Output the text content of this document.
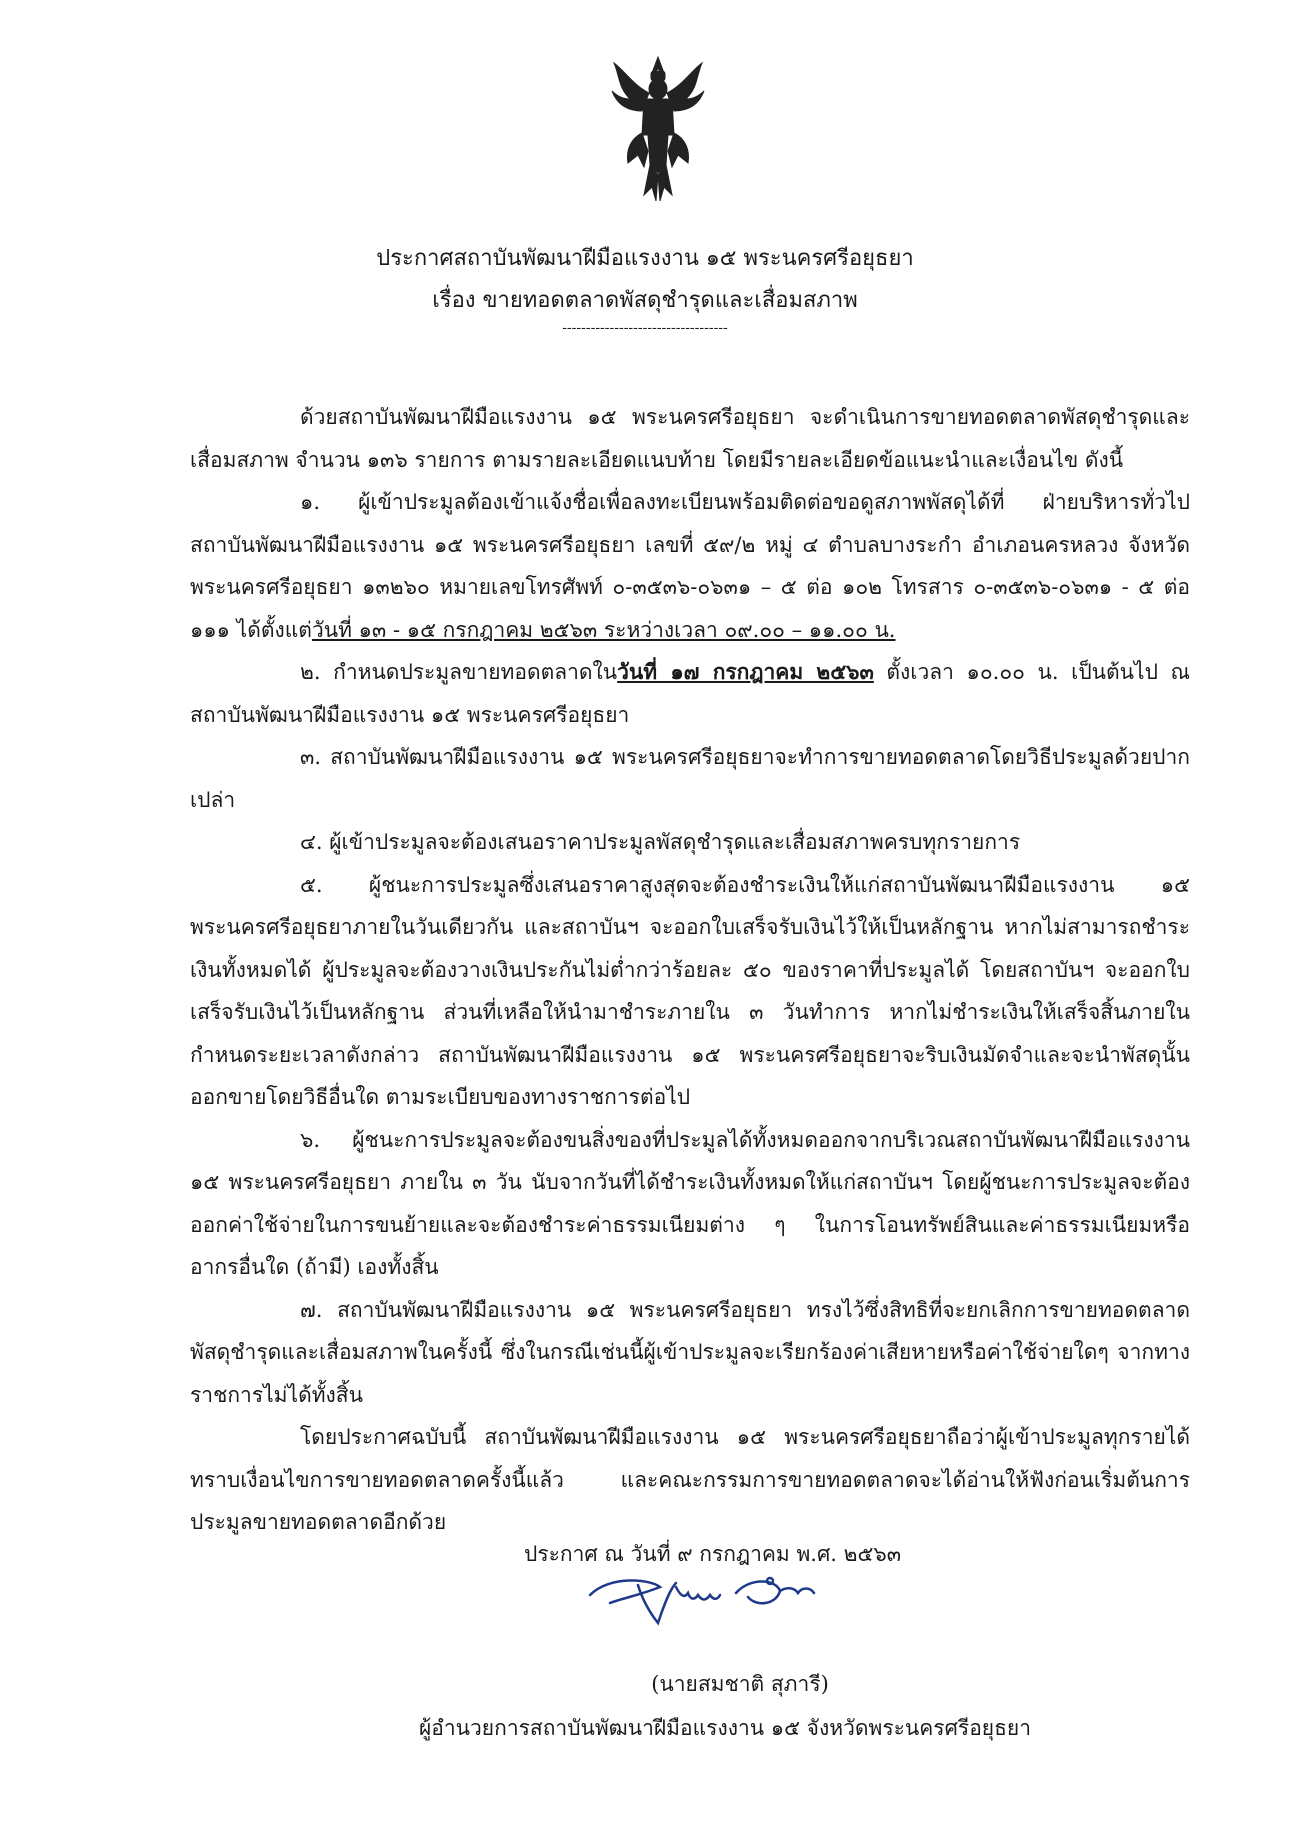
ประกาศสถาบันพัฒนาฝีมือแรงงาน ๑๕ พระนครศรีอยุธยา
เรื่อง ขายทอดตลาดพัสดุชำรุดและเสื่อมสภาพ
-----------------------------------

ด้วยสถาบันพัฒนาฝีมือแรงงาน ๑๕ พระนครศรีอยุธยา จะดำเนินการขายทอดตลาดพัสดุชำรุดและเสื่อมสภาพ จำนวน ๑๓๖ รายการ ตามรายละเอียดแนบท้าย โดยมีรายละเอียดข้อแนะนำและเงื่อนไข ดังนี้

๑. ผู้เข้าประมูลต้องเข้าแจ้งชื่อเพื่อลงทะเบียนพร้อมติดต่อขอดูสภาพพัสดุได้ที่ ฝ่ายบริหารทั่วไป สถาบันพัฒนาฝีมือแรงงาน ๑๕ พระนครศรีอยุธยา เลขที่ ๕๙/๒ หมู่ ๔ ตำบลบางระกำ อำเภอนครหลวง จังหวัดพระนครศรีอยุธยา ๑๓๒๖๐ หมายเลขโทรศัพท์ ๐-๓๕๓๖-๐๖๓๑ – ๕ ต่อ ๑๐๒ โทรสาร ๐-๓๕๓๖-๐๖๓๑ - ๕ ต่อ ๑๑๑ ได้ตั้งแต่วันที่ ๑๓ - ๑๕ กรกฎาคม ๒๕๖๓ ระหว่างเวลา ๐๙.๐๐ – ๑๑.๐๐ น.

๒. กำหนดประมูลขายทอดตลาดในวันที่ ๑๗ กรกฎาคม ๒๕๖๓ ตั้งเวลา ๑๐.๐๐ น. เป็นต้นไป ณ สถาบันพัฒนาฝีมือแรงงาน ๑๕ พระนครศรีอยุธยา

๓. สถาบันพัฒนาฝีมือแรงงาน ๑๕ พระนครศรีอยุธยาจะทำการขายทอดตลาดโดยวิธีประมูลด้วยปากเปล่า

๔. ผู้เข้าประมูลจะต้องเสนอราคาประมูลพัสดุชำรุดและเสื่อมสภาพครบทุกรายการ

๕. ผู้ชนะการประมูลซึ่งเสนอราคาสูงสุดจะต้องชำระเงินให้แก่สถาบันพัฒนาฝีมือแรงงาน ๑๕ พระนครศรีอยุธยาภายในวันเดียวกัน และสถาบันฯ จะออกใบเสร็จรับเงินไว้ให้เป็นหลักฐาน หากไม่สามารถชำระเงินทั้งหมดได้ ผู้ประมูลจะต้องวางเงินประกันไม่ต่ำกว่าร้อยละ ๕๐ ของราคาที่ประมูลได้ โดยสถาบันฯ จะออกใบเสร็จรับเงินไว้เป็นหลักฐาน ส่วนที่เหลือให้นำมาชำระภายใน ๓ วันทำการ หากไม่ชำระเงินให้เสร็จสิ้นภายในกำหนดระยะเวลาดังกล่าว สถาบันพัฒนาฝีมือแรงงาน ๑๕ พระนครศรีอยุธยาจะริบเงินมัดจำและจะนำพัสดุนั้นออกขายโดยวิธีอื่นใด ตามระเบียบของทางราชการต่อไป

๖. ผู้ชนะการประมูลจะต้องขนสิ่งของที่ประมูลได้ทั้งหมดออกจากบริเวณสถาบันพัฒนาฝีมือแรงงาน ๑๕ พระนครศรีอยุธยา ภายใน ๓ วัน นับจากวันที่ได้ชำระเงินทั้งหมดให้แก่สถาบันฯ โดยผู้ชนะการประมูลจะต้องออกค่าใช้จ่ายในการขนย้ายและจะต้องชำระค่าธรรมเนียมต่าง ๆ ในการโอนทรัพย์สินและค่าธรรมเนียมหรืออากรอื่นใด (ถ้ามี) เองทั้งสิ้น

๗. สถาบันพัฒนาฝีมือแรงงาน ๑๕ พระนครศรีอยุธยา ทรงไว้ซึ่งสิทธิที่จะยกเลิกการขายทอดตลาดพัสดุชำรุดและเสื่อมสภาพในครั้งนี้ ซึ่งในกรณีเช่นนี้ผู้เข้าประมูลจะเรียกร้องค่าเสียหายหรือค่าใช้จ่ายใดๆ จากทางราชการไม่ได้ทั้งสิ้น

โดยประกาศฉบับนี้ สถาบันพัฒนาฝีมือแรงงาน ๑๕ พระนครศรีอยุธยาถือว่าผู้เข้าประมูลทุกรายได้ทราบเงื่อนไขการขายทอดตลาดครั้งนี้แล้ว และคณะกรรมการขายทอดตลาดจะได้อ่านให้ฟังก่อนเริ่มต้นการประมูลขายทอดตลาดอีกด้วย

ประกาศ ณ วันที่ ๙ กรกฎาคม พ.ศ. ๒๕๖๓
(นายสมชาติ สุภารี)
ผู้อำนวยการสถาบันพัฒนาฝีมือแรงงาน ๑๕ จังหวัดพระนครศรีอยุธยา
